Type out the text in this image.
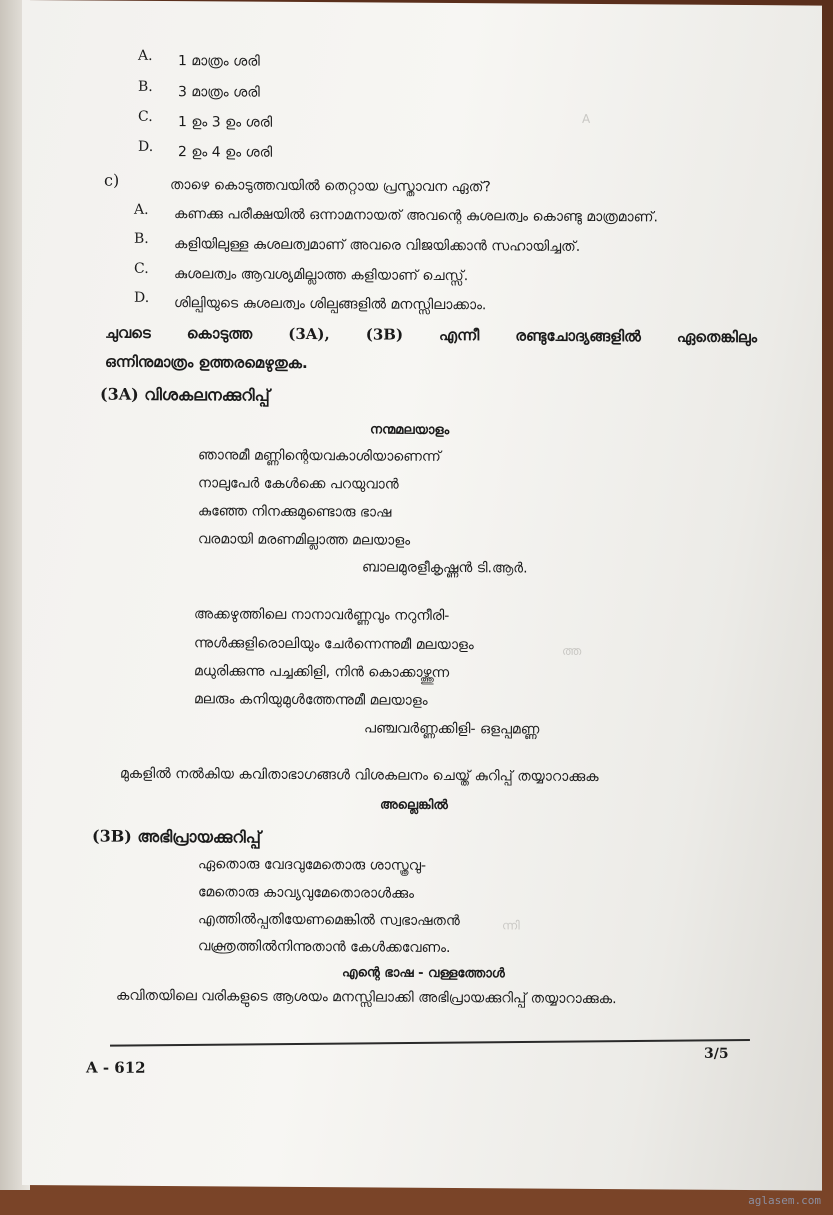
A. 1 മാത്രം ശരി
B. 3 മാത്രം ശരി
C. 1 ഉം 3 ഉം ശരി
D. 2 ഉം 4 ഉം ശരി
c)	താഴെ കൊടുത്തവയിൽ തെറ്റായ പ്രസ്താവന ഏത്?
A. കണക്കു പരീക്ഷയിൽ ഒന്നാമനായത് അവന്റെ കുശലത്വം കൊണ്ടു മാത്രമാണ്.
B. കളിയിലുള്ള കുശലത്വമാണ് അവരെ വിജയിക്കാൻ സഹായിച്ചത്.
C. കുശലത്വം ആവശ്യമില്ലാത്ത കളിയാണ് ചെസ്സ്.
D. ശില്പിയുടെ കുശലത്വം ശില്പങ്ങളിൽ മനസ്സിലാക്കാം.
ചുവടെ കൊടുത്ത (3A), (3B) എന്നീ രണ്ടുചോദ്യങ്ങളിൽ ഏതെങ്കിലും
ഒന്നിനുമാത്രം ഉത്തരമെഴുതുക.
(3A) വിശകലനക്കുറിപ്പ്
നന്മമലയാളം
ഞാനുമീ മണ്ണിന്റെയവകാശിയാണെന്ന്
നാലുപേർ കേൾക്കെ പറയുവാൻ
കുഞ്ഞേ നിനക്കുമുണ്ടൊരു ഭാഷ
വരമായി മരണമില്ലാത്ത മലയാളം
ബാലമുരളീകൃഷ്ണൻ ടി.ആർ.
അക്കഴുത്തിലെ നാനാവർണ്ണവും നറുനീരി-
ന്നുൾക്കുളിരൊലിയും ചേർന്നെന്നുമീ മലയാളം
മധുരിക്കുന്നു പച്ചക്കിളി, നിൻ കൊക്കാഴ്ത്തുന്ന
മലരും കനിയുമുൾത്തേന്നുമീ മലയാളം
പഞ്ചവർണ്ണക്കിളി- ഒളപ്പമണ്ണ
മുകളിൽ നൽകിയ കവിതാഭാഗങ്ങൾ വിശകലനം ചെയ്ത് കുറിപ്പ് തയ്യാറാക്കുക
അല്ലെങ്കിൽ
(3B) അഭിപ്രായക്കുറിപ്പ്
ഏതൊരു വേദവുമേതൊരു ശാസ്ത്രവു-
മേതൊരു കാവ്യവുമേതൊരാൾക്കും
എത്തിൽപ്പതിയേണമെങ്കിൽ സ്വഭാഷതൻ
വക്ത്രത്തിൽനിന്നുതാൻ കേൾക്കവേണം.
എന്റെ ഭാഷ - വള്ളത്തോൾ
കവിതയിലെ വരികളുടെ ആശയം മനസ്സിലാക്കി അഭിപ്രായക്കുറിപ്പ് തയ്യാറാക്കുക.
A
ത്ത
ന്നി
A - 612
3/5
aglasem.com
